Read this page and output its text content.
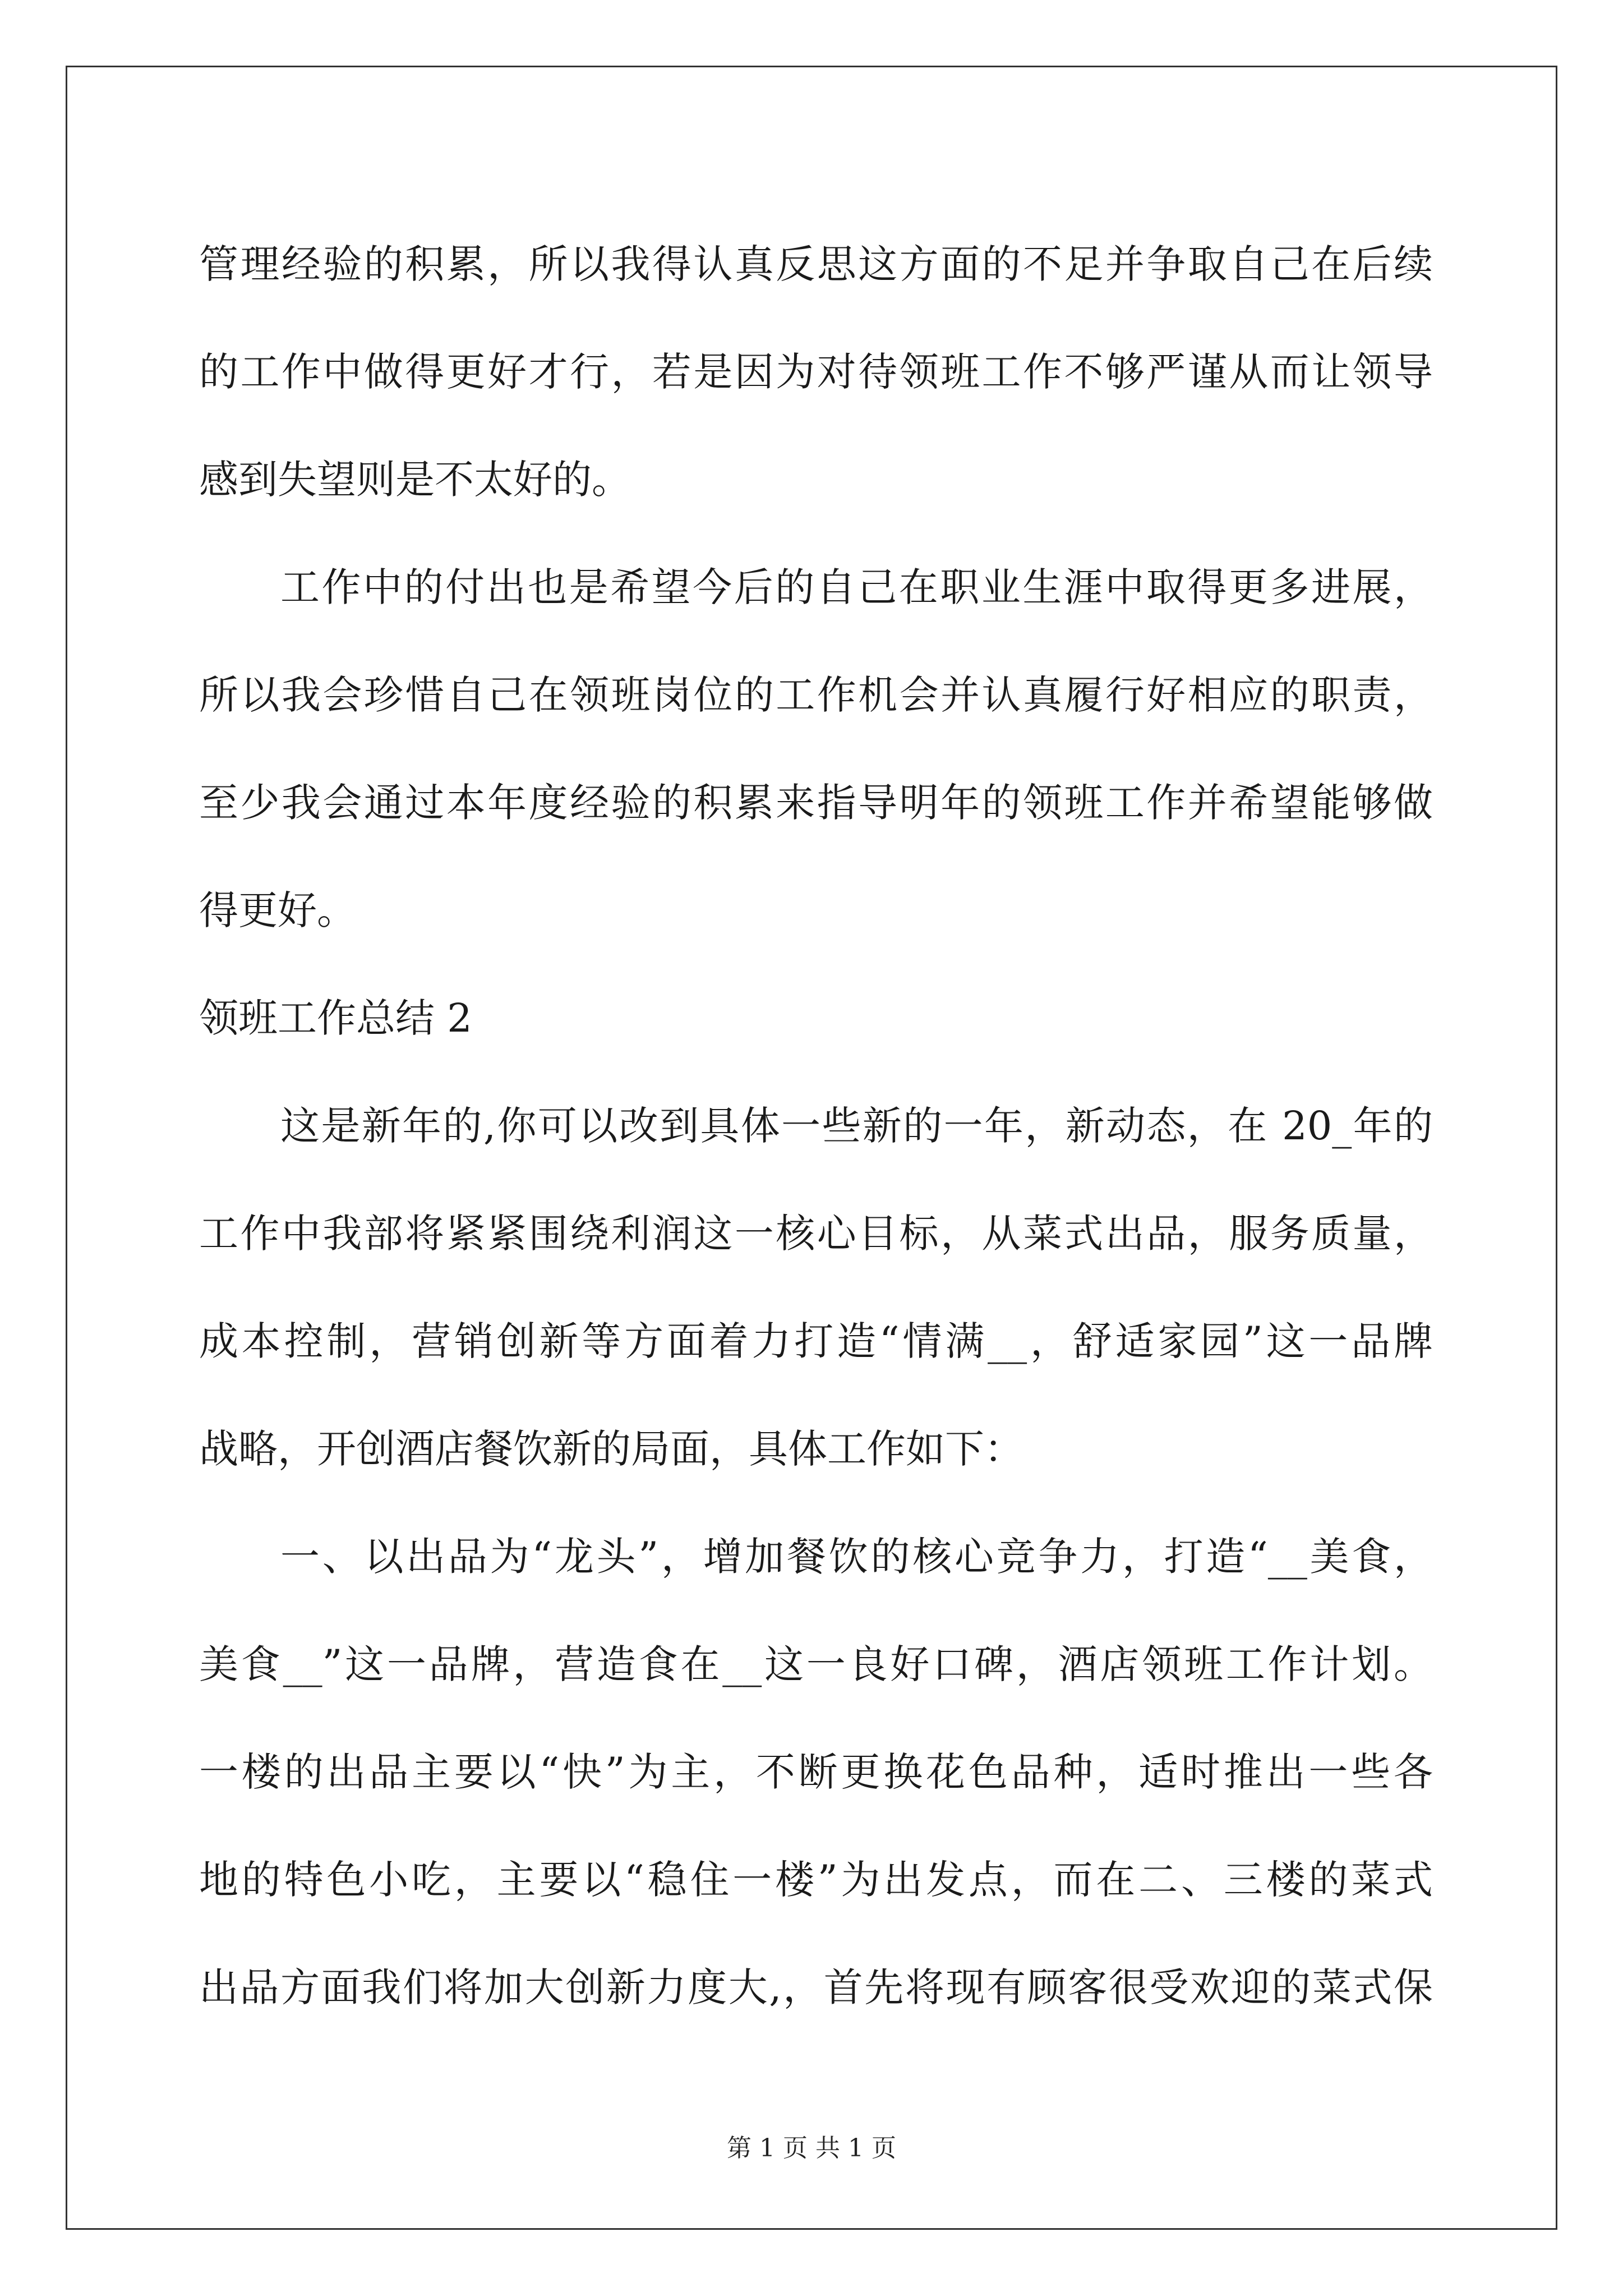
管理经验的积累，所以我得认真反思这方面的不足并争取自己在后续
的工作中做得更好才行，若是因为对待领班工作不够严谨从而让领导
感到失望则是不太好的。
工作中的付出也是希望今后的自己在职业生涯中取得更多进展，
所以我会珍惜自己在领班岗位的工作机会并认真履行好相应的职责，
至少我会通过本年度经验的积累来指导明年的领班工作并希望能够做
得更好。
领班工作总结 2
这是新年的,你可以改到具体一些新的一年，新动态，在 20_年的
工作中我部将紧紧围绕利润这一核心目标，从菜式出品，服务质量，
成本控制，营销创新等方面着力打造“情满__，舒适家园”这一品牌
战略，开创酒店餐饮新的局面，具体工作如下：
一、以出品为“龙头”，增加餐饮的核心竞争力，打造“__美食，
美食__”这一品牌，营造食在__这一良好口碑，酒店领班工作计划。
一楼的出品主要以“快”为主，不断更换花色品种，适时推出一些各
地的特色小吃，主要以“稳住一楼”为出发点，而在二、三楼的菜式
出品方面我们将加大创新力度大,，首先将现有顾客很受欢迎的菜式保
第 1 页 共 1 页
